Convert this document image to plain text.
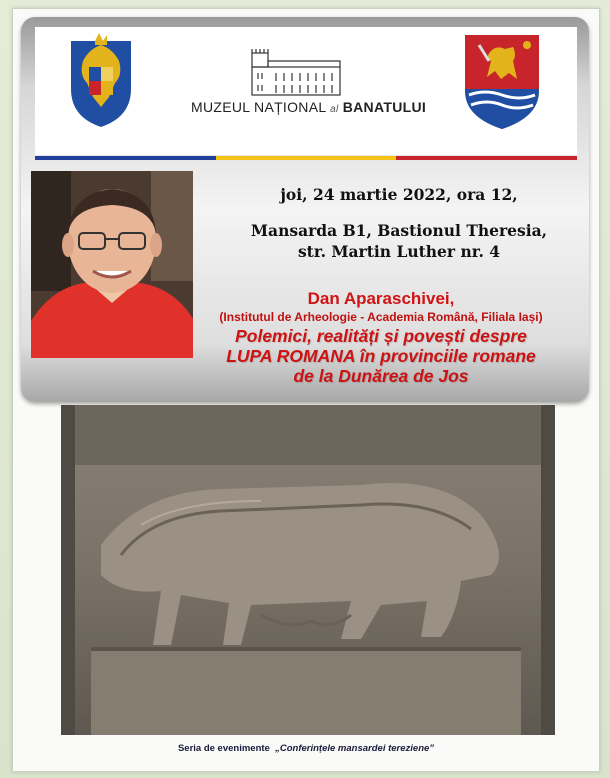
MUZEUL NAȚIONAL al BANATULUI
joi, 24 martie 2022, ora 12,
Mansarda B1, Bastionul Theresia,
str. Martin Luther nr. 4
Dan Aparaschivei,
(Institutul de Arheologie - Academia Română, Filiala Iași)
Polemici, realități și povești despre
LUPA ROMANA în provinciile romane
de la Dunărea de Jos
Seria de evenimente „Conferințele mansardei tereziene”
